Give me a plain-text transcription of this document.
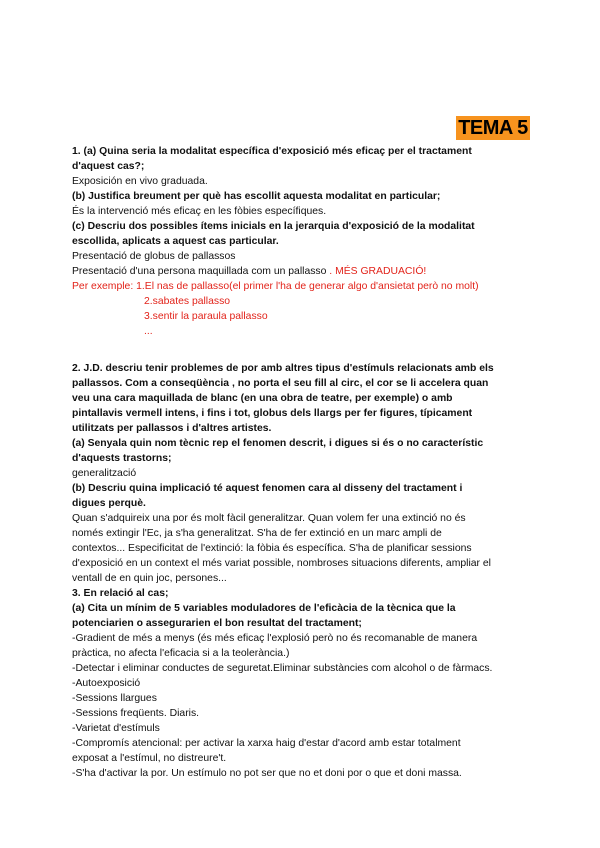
TEMA 5
1. (a) Quina seria la modalitat específica d'exposició més eficaç per el tractament
d'aquest cas?;
Exposición en vivo graduada.
(b) Justifica breument per què has escollit aquesta modalitat en particular;
És la intervenció més eficaç en les fòbies específiques.
(c) Descriu dos possibles ítems inicials en la jerarquia d'exposició de la modalitat
escollida, aplicats a aquest cas particular.
Presentació de globus de pallassos
Presentació d'una persona maquillada com un pallasso . MÉS GRADUACIÓ!
Per exemple: 1.El nas de pallasso(el primer l'ha de generar algo d'ansietat però no molt)
2.sabates pallasso
3.sentir la paraula pallasso
...
2. J.D. descriu tenir problemes de por amb altres tipus d'estímuls relacionats amb els
pallassos. Com a conseqüència , no porta el seu fill al circ, el cor se li accelera quan
veu una cara maquillada de blanc (en una obra de teatre, per exemple) o amb
pintallavis vermell intens, i fins i tot, globus dels llargs per fer figures, típicament
utilitzats per pallassos i d'altres artistes.
(a) Senyala quin nom tècnic rep el fenomen descrit, i digues si és o no característic
d'aquests trastorns;
generalització
(b) Descriu quina implicació té aquest fenomen cara al disseny del tractament i
digues perquè.
Quan s'adquireix una por és molt fàcil generalitzar. Quan volem fer una extinció no és
només extingir l'Ec, ja s'ha generalitzat. S'ha de fer extinció en un marc ampli de
contextos... Especificitat de l'extinció: la fòbia és específica. S'ha de planificar sessions
d'exposició en un context el més variat possible, nombroses situacions diferents, ampliar el
ventall de en quin joc, persones...
3. En relació al cas;
(a) Cita un mínim de 5 variables moduladores de l'eficàcia de la tècnica que la
potenciarien o assegurarien el bon resultat del tractament;
-Gradient de més a menys (és més eficaç l'explosió però no és recomanable de manera
pràctica, no afecta l'eficacia si a la teolerància.)
-Detectar i eliminar conductes de seguretat.Eliminar substàncies com alcohol o de fàrmacs.
-Autoexposició
-Sessions llargues
-Sessions freqüents. Diaris.
-Varietat d'estímuls
-Compromís atencional: per activar la xarxa haig d'estar d'acord amb estar totalment
exposat a l'estímul, no distreure't.
-S'ha d'activar la por. Un estímulo no pot ser que no et doni por o que et doni massa.
